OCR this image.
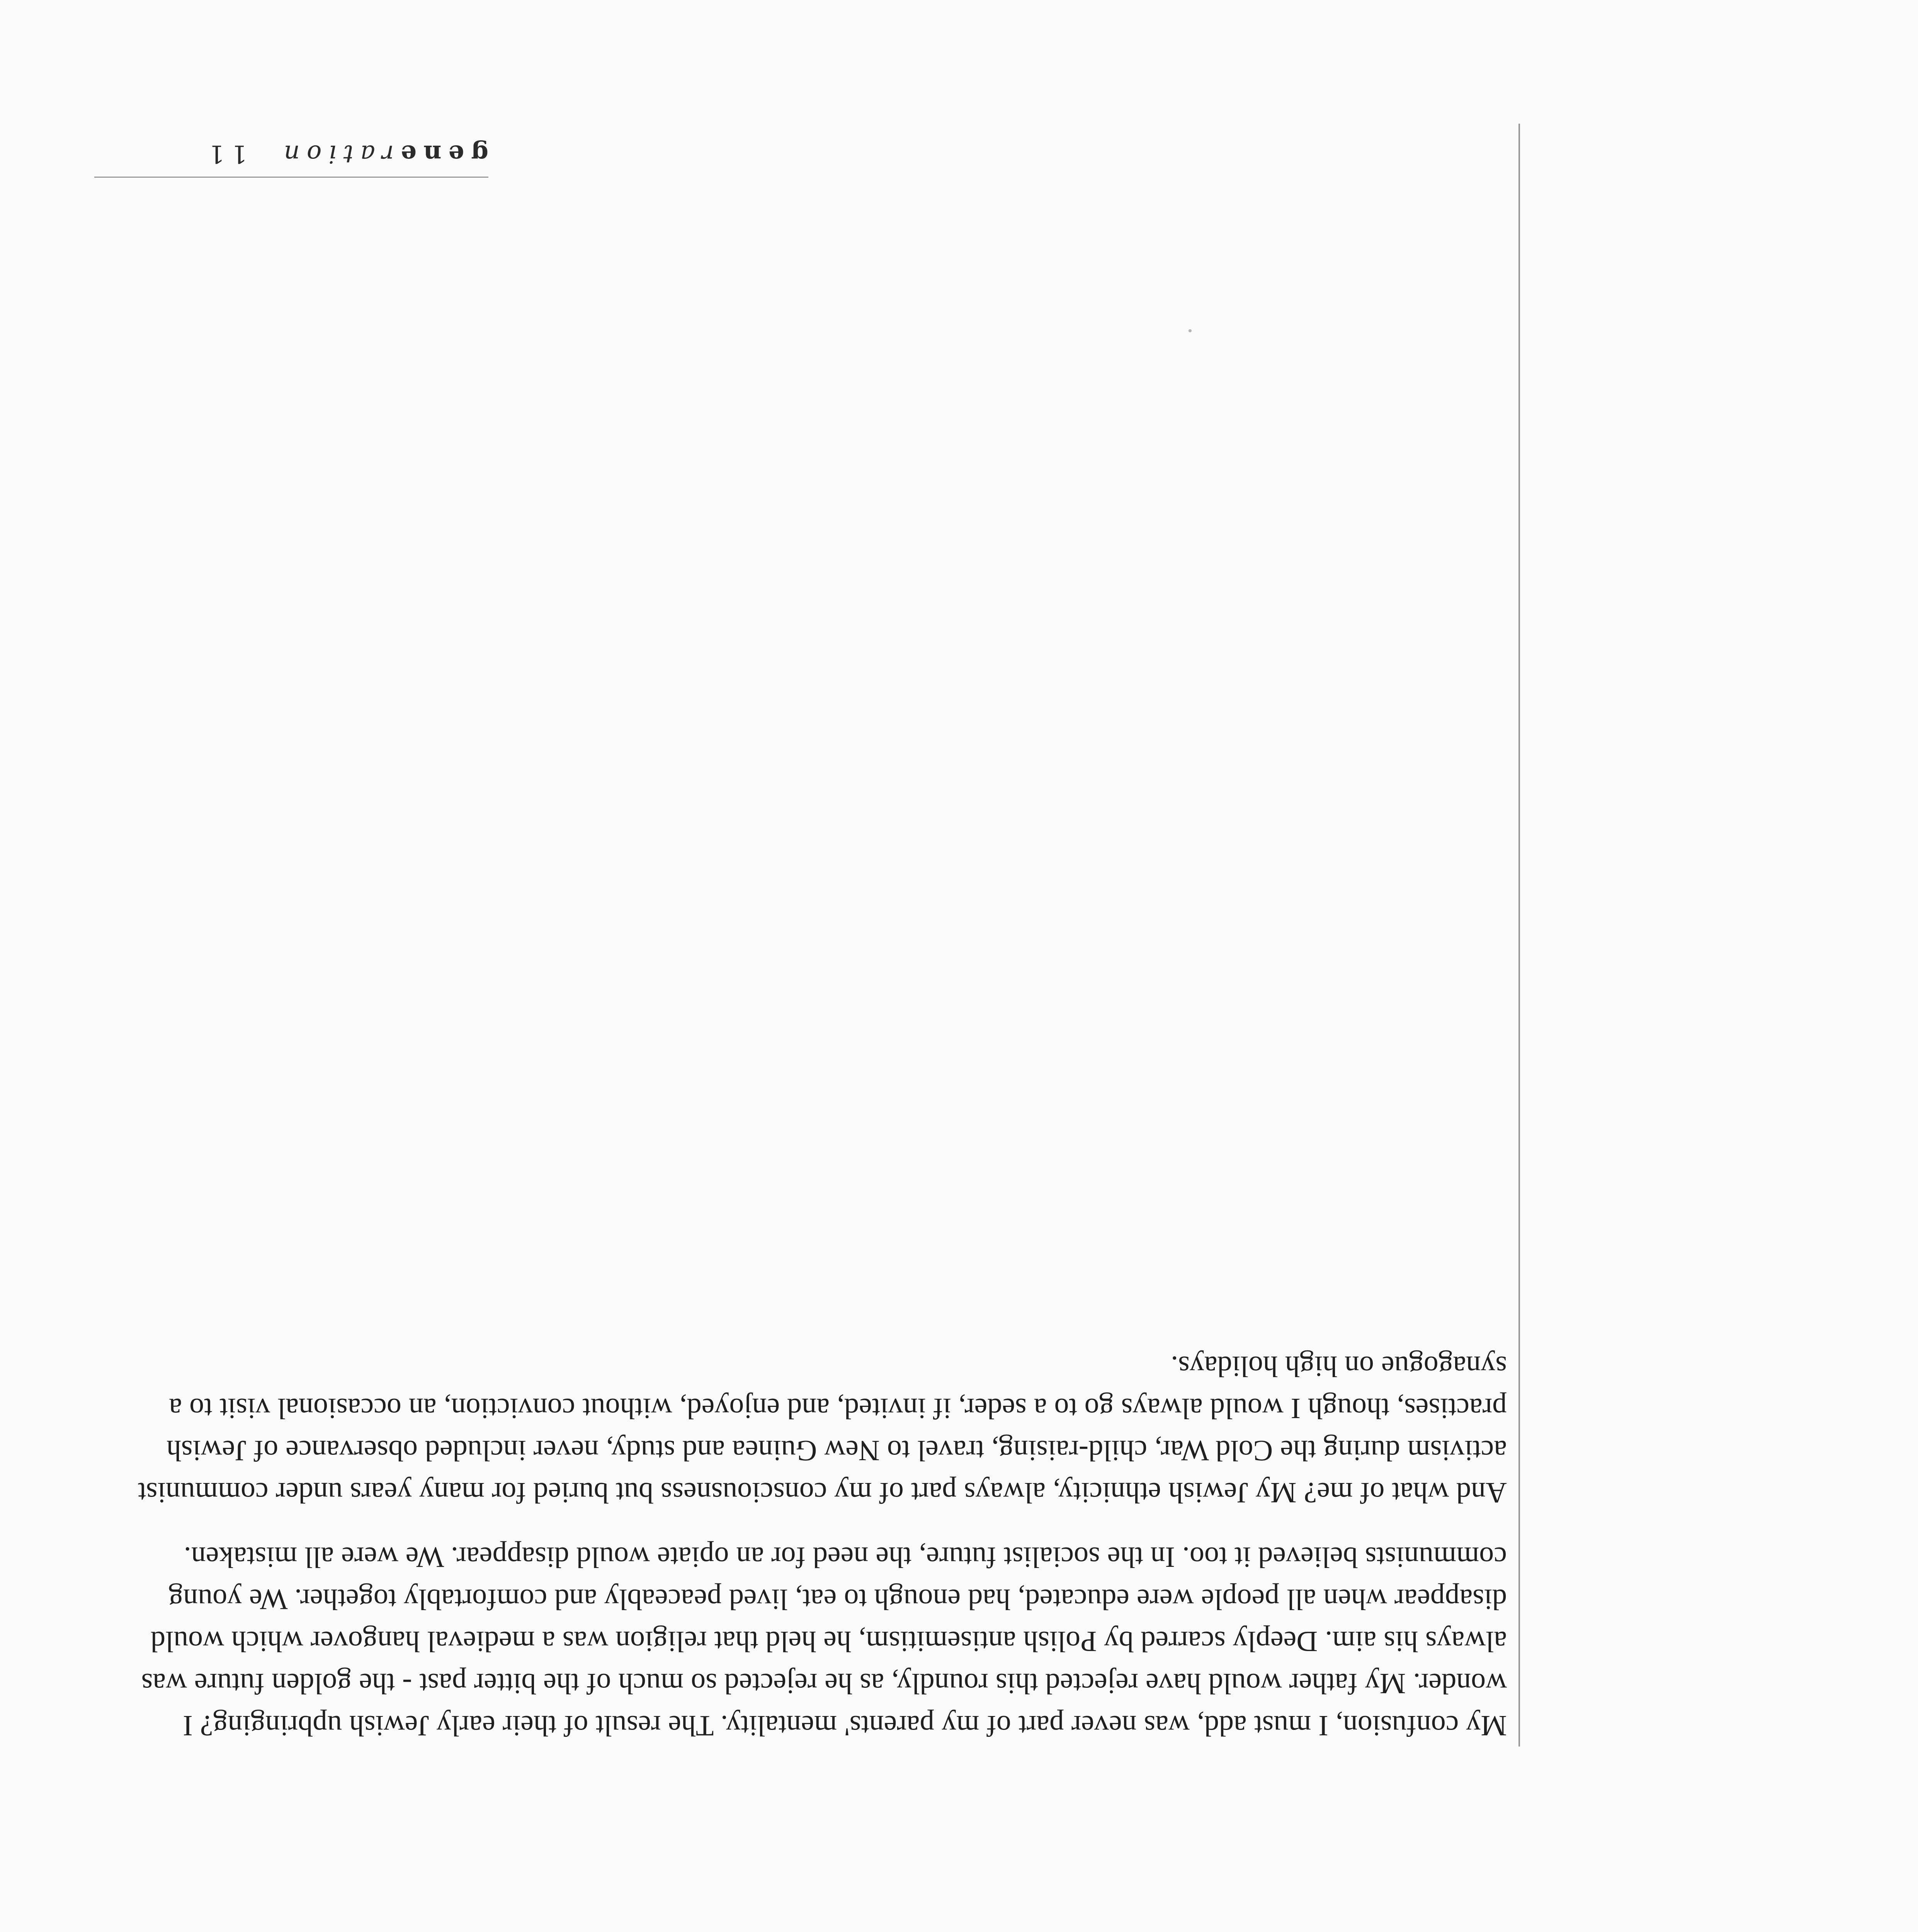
My confusion, I must add, was never part of my parents' mentality. The result of their early Jewish upbringing? I wonder. My father would have rejected this roundly, as he rejected so much of the bitter past - the golden future was always his aim. Deeply scarred by Polish antisemitism, he held that religion was a medieval hangover which would disappear when all people were educated, had enough to eat, lived peaceably and comfortably together. We young communists believed it too. In the socialist future, the need for an opiate would disappear. We were all mistaken.

And what of me? My Jewish ethnicity, always part of my consciousness but buried for many years under communist activism during the Cold War, child-raising, travel to New Guinea and study, never included observance of Jewish practises, though I would always go to a seder, if invited, and enjoyed, without conviction, an occasional visit to a synagogue on high holidays.

generation  11
